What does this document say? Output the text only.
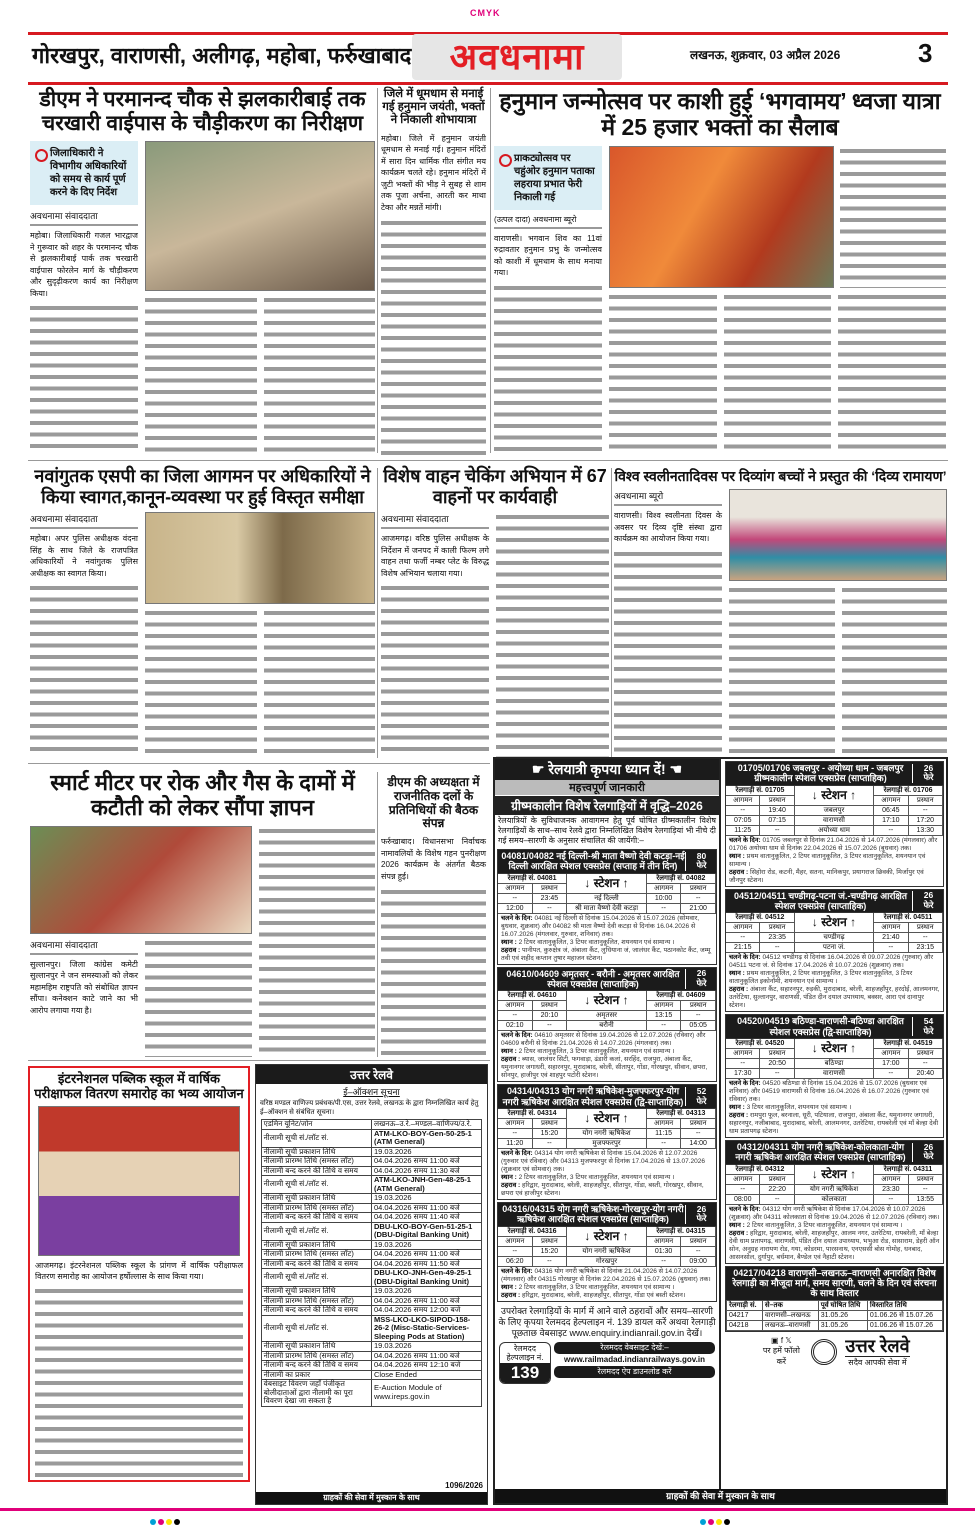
CMYK
गोरखपुर, वाराणसी, अलीगढ़, महोबा, फर्रुखाबाद	अवधनामा	लखनऊ, शुक्रवार, 03 अप्रैल 2026	3
डीएम ने परमानन्द चौक से झलकारीबाई तक चरखारी वाईपास के चौड़ीकरण का निरीक्षण
जिलाधिकारी ने विभागीय अधिकारियों को समय से कार्य पूर्ण करने के दिए निर्देश
अवधनामा संवाददाता
महोबा। जिलाधिकारी गजल भारद्वाज ने गुरूवार को शहर के परमानन्द चौक से झलकारीबाई पार्क तक चरखारी वाईपास फोरलेन मार्ग के चौड़ीकरण और सुदृढ़ीकरण कार्य का निरीक्षण किया।
जिले में धूमधाम से मनाई गई हनुमान जयंती, भक्तों ने निकाली शोभायात्रा
महोबा। जिले में हनुमान जयंती धूमधाम से मनाई गई। हनुमान मंदिरों में सारा दिन धार्मिक गीत संगीत मय कार्यक्रम चलते रहे। हनुमान मंदिरों में जुटी भक्तों की भीड़ ने सुबह से शाम तक पूजा अर्चना, आरती कर माथा टेका और मन्नतें मांगी।
हनुमान जन्मोत्सव पर काशी हुई ‘भगवामय’ ध्वजा यात्रा में 25 हजार भक्तों का सैलाब
प्राकट्योत्सव पर चहुंओर हनुमान पताका लहराया प्रभात फेरी निकाली गई
(उत्पल दादा) अवधनामा ब्यूरो
वाराणसी। भगवान शिव का 11वां रुद्रावतार हनुमान प्रभु के जन्मोत्सव को काशी में धूमधाम के साथ मनाया गया।
नवांगुतक एसपी का जिला आगमन पर अधिकारियों ने किया स्वागत,कानून-व्यवस्था पर हुई विस्तृत समीक्षा
अवधनामा संवाददाता
महोबा। अपर पुलिस अधीक्षक वंदना सिंह के साथ जिले के राजपत्रित अधिकारियों ने नवांगुतक पुलिस अधीक्षक का स्वागत किया।
विशेष वाहन चेकिंग अभियान में 67 वाहनों पर कार्यवाही
अवधनामा संवाददाता
आजमगढ़। वरिष्ठ पुलिस अधीक्षक के निर्देशन में जनपद में काली फिल्म लगे वाहन तथा फर्जी नम्बर प्लेट के विरुद्ध विशेष अभियान चलाया गया।
विश्व स्वलीनतादिवस पर दिव्यांग बच्चों ने प्रस्तुत की ‘दिव्य रामायण’
अवधनामा ब्यूरो
वाराणसी। विश्व स्वलीनता दिवस के अवसर पर दिव्य दृष्टि संस्था द्वारा कार्यक्रम का आयोजन किया गया।
स्मार्ट मीटर पर रोक और गैस के दामों में कटौती को लेकर सौंपा ज्ञापन
अवधनामा संवाददाता
सुल्तानपुर। जिला कांग्रेस कमेटी सुल्तानपुर ने जन समस्याओं को लेकर महामहिम राष्ट्रपति को संबोधित ज्ञापन सौंपा। कनेक्शन काटे जाने का भी आरोप लगाया गया है।
डीएम की अध्यक्षता में राजनीतिक दलों के प्रतिनिधियों की बैठक संपन्न
फर्रुखाबाद। विधानसभा निर्वाचक नामावलियों के विशेष गहन पुनरीक्षण 2026 कार्यक्रम के अंतर्गत बैठक संपन्न हुई।
इंटरनेशनल पब्लिक स्कूल में वार्षिक परीक्षाफल वितरण समारोह का भव्य आयोजन
आजमगढ़। इंटरनेशनल पब्लिक स्कूल के प्रांगण में वार्षिक परीक्षाफल वितरण समारोह का आयोजन हर्षोल्लास के साथ किया गया।
उत्तर रेलवे
ई–ऑक्शन सूचना
वरिष्ठ मण्डल वाणिज्य प्रबंधक/पी.एस, उत्तर रेलवे, लखनऊ के द्वारा निम्नलिखित कार्य हेतु ई–ऑक्शन से संबंधित सूचना।
एडमिन यूनिट/जोन	लखनऊ–उ.रे.–मण्डल–वाणिज्य/उ.रे.
नीलामी सूची सं./लॉट सं.	ATM-LKO-BOY-Gen-50-25-1 (ATM General)
नीलामी सूची प्रकाशन तिथि	19.03.2026
नीलामी प्रारम्भ तिथि (समस्त लॉट)	04.04.2026 समय 11:00 बजे
नीलामी बन्द करने की तिथि व समय	04.04.2026 समय 11:30 बजे
नीलामी सूची सं./लॉट सं.	ATM-LKO-JNH-Gen-48-25-1 (ATM General)
नीलामी सूची प्रकाशन तिथि	19.03.2026
नीलामी प्रारम्भ तिथि (समस्त लॉट)	04.04.2026 समय 11:00 बजे
नीलामी बन्द करने की तिथि व समय	04.04.2026 समय 11:40 बजे
नीलामी सूची सं./लॉट सं.	DBU-LKO-BOY-Gen-51-25-1 (DBU-Digital Banking Unit)
नीलामी सूची प्रकाशन तिथि	19.03.2026
नीलामी प्रारम्भ तिथि (समस्त लॉट)	04.04.2026 समय 11:00 बजे
नीलामी बन्द करने की तिथि व समय	04.04.2026 समय 11:50 बजे
नीलामी सूची सं./लॉट सं.	DBU-LKO-JNH-Gen-49-25-1 (DBU-Digital Banking Unit)
नीलामी सूची प्रकाशन तिथि	19.03.2026
नीलामी प्रारम्भ तिथि (समस्त लॉट)	04.04.2026 समय 11:00 बजे
नीलामी बन्द करने की तिथि व समय	04.04.2026 समय 12:00 बजे
नीलामी सूची सं./लॉट सं.	MSS-LKO-LKO-SIPOD-158-26-2 (Misc-Static-Services-Sleeping Pods at Station)
नीलामी सूची प्रकाशन तिथि	19.03.2026
नीलामी प्रारम्भ तिथि (समस्त लॉट)	04.04.2026 समय 11:00 बजे
नीलामी बन्द करने की तिथि व समय	04.04.2026 समय 12:10 बजे
नीलामी का प्रकार	Close Ended
वेबसाइट विवरण जहाँ पंजीकृत बोलीदाताओं द्वारा नीलामी का पूरा विवरण देखा जा सकता है	E-Auction Module of www.ireps.gov.in
1096/2026
ग्राहकों की सेवा में मुस्कान के साथ
☛ रेलयात्री कृपया ध्यान दें! ☚
महत्त्वपूर्ण जानकारी
ग्रीष्मकालीन विशेष रेलगाड़ियों में वृद्धि–2026
रेलयात्रियों के सुविधाजनक आवागमन हेतु पूर्व घोषित ग्रीष्मकालीन विशेष रेलगाड़ियों के साथ–साथ रेलवे द्वारा निम्नलिखित विशेष रेलगाड़ियां भी नीचे दी गई समय–सारणी के अनुसार संचालित की जायेंगी:–
04081/04082 नई दिल्ली-श्री माता वैष्णो देवी कटड़ा-नई दिल्ली आरक्षित स्पेशल एक्सप्रेस (सप्ताह में तीन दिन)
80
फेरे
रेलगाड़ी सं. 04081	↓ स्टेशन ↑	रेलगाड़ी सं. 04082
आगमन	प्रस्थान	आगमन	प्रस्थान
--	23:45	नई दिल्ली	10:00	--
12:00	--	श्री माता वैष्णो देवी कटड़ा	--	21:00
चलने के दिन: 04081 नई दिल्ली से दिनांक 15.04.2026 से 15.07.2026 (सोमवार, बुधवार, शुक्रवार) और 04082 श्री माता वैष्णो देवी कटड़ा से दिनांक 16.04.2026 से 16.07.2026 (मंगलवार, गुरुवार, शनिवार) तक।
स्थान : 2 टियर वातानुकूलित, 3 टियर वातानुकूलित, शयनयान एवं सामान्य ।
ठहराव : पानीपत, कुरुक्षेत्र जं, अंबाला कैंट, लुधियाना जं, जालंधर कैंट, पठानकोट कैंट, जम्मू तवी एवं शहीद कप्तान तुषार महाजन स्टेशन।
04610/04609 अमृतसर - बरौनी - अमृतसर आरक्षित स्पेशल एक्सप्रेस (साप्ताहिक)
26
फेरे
रेलगाड़ी सं. 04610	↓ स्टेशन ↑	रेलगाड़ी सं. 04609
आगमन	प्रस्थान	आगमन	प्रस्थान
--	20:10	अमृतसर	13:15	--
02:10	--	बरौनी	--	05:05
चलने के दिन: 04610 अमृतसर से दिनांक 19.04.2026 से 12.07.2026 (रविवार) और 04609 बरौनी से दिनांक 21.04.2026 से 14.07.2026 (मंगलवार) तक।
स्थान : 2 टियर वातानुकूलित, 3 टियर वातानुकूलित, शयनयान एवं सामान्य ।
ठहराव : ब्यास, जालंधर सिटी, फगवाड़ा, ढंडारी कलां, सरहिंद, राजपुरा, अंबाला कैंट, यमुनानगर जगाधरी, सहारनपुर, मुरादाबाद, बरेली, सीतापुर, गोंडा, गोरखपुर, सीवान, छपरा, सोनपुर, हाजीपुर एवं शाहपुर पटोरी स्टेशन।
04314/04313 योग नगरी ऋषिकेश-मुजफ्फरपुर-योग नगरी ऋषिकेश आरक्षित स्पेशल एक्सप्रेस (द्वि-साप्ताहिक)
52
फेरे
रेलगाड़ी सं. 04314	↓ स्टेशन ↑	रेलगाड़ी सं. 04313
आगमन	प्रस्थान	आगमन	प्रस्थान
--	15:20	योग नगरी ऋषिकेश	11:15	--
11:20	--	मुजफ्फरपुर	--	14:00
चलने के दिन: 04314 योग नगरी ऋषिकेश से दिनांक 15.04.2026 से 12.07.2026 (गुरुवार एवं रविवार) और 04313 मुजफ्फरपुर से दिनांक 17.04.2026 से 13.07.2026 (शुक्रवार एवं सोमवार) तक।
स्थान : 2 टियर वातानुकूलित, 3 टियर वातानुकूलित, शयनयान एवं सामान्य ।
ठहराव : हरिद्वार, मुरादाबाद, बरेली, शाहजहाँपुर, सीतापुर, गोंडा, बस्ती, गोरखपुर, सीवान, छपरा एवं हाजीपुर स्टेशन।
04316/04315 योग नगरी ऋषिकेश-गोरखपुर-योग नगरी ऋषिकेश आरक्षित स्पेशल एक्सप्रेस (साप्ताहिक)
26
फेरे
रेलगाड़ी सं. 04316	↓ स्टेशन ↑	रेलगाड़ी सं. 04315
आगमन	प्रस्थान	आगमन	प्रस्थान
--	15:20	योग नगरी ऋषिकेश	01:30	--
06:20	--	गोरखपुर	--	09:00
चलने के दिन: 04316 योग नगरी ऋषिकेश से दिनांक 21.04.2026 से 14.07.2026 (मंगलवार) और 04315 गोरखपुर से दिनांक 22.04.2026 से 15.07.2026 (बुधवार) तक।
स्थान : 2 टियर वातानुकूलित, 3 टियर वातानुकूलित, शयनयान एवं सामान्य ।
ठहराव : हरिद्वार, मुरादाबाद, बरेली, शाहजहाँपुर, सीतापुर, गोंडा एवं बस्ती स्टेशन।
उपरोक्त रेलगाड़ियों के मार्ग में आने वाले ठहरावों और समय–सारणी के लिए कृपया रेलमदद हेल्पलाइन नं. 139 डायल करें अथवा रेलगाड़ी पूछताछ वेबसाइट www.enquiry.indianrail.gov.in देखें।
रेलमदद हेल्पलाइन नं.
139
रेलमदद वेबसाइट देखें:–
www.railmadad.indianrailways.gov.in
रेलमदद ऐप डाउनलोड करें
01705/01706 जबलपुर - अयोध्या धाम - जबलपुर ग्रीष्मकालीन स्पेशल एक्सप्रेस (साप्ताहिक)
26
फेरे
रेलगाड़ी सं. 01705	↓ स्टेशन ↑	रेलगाड़ी सं. 01706
आगमन	प्रस्थान	आगमन	प्रस्थान
--	19:40	जबलपुर	06:45	--
07:05	07:15	वाराणसी	17:10	17:20
11:25	--	अयोध्या धाम	--	13:30
चलने के दिन: 01705 जबलपुर से दिनांक 21.04.2026 से 14.07.2026 (मंगलवार) और 01706 अयोध्या धाम से दिनांक 22.04.2026 से 15.07.2026 (बुधवार) तक।
स्थान : प्रथम वातानुकूलित, 2 टियर वातानुकूलित, 3 टियर वातानुकूलित, शयनयान एवं सामान्य ।
ठहराव : सिहोरा रोड, कटनी, मैहर, सतना, मानिकपुर, प्रयागराज छिवकी, मिर्जापुर एवं जौनपुर स्टेशन।
04512/04511 चण्डीगढ़-पटना जं.-चण्डीगढ़ आरक्षित स्पेशल एक्सप्रेस (साप्ताहिक)
26
फेरे
रेलगाड़ी सं. 04512	↓ स्टेशन ↑	रेलगाड़ी सं. 04511
आगमन	प्रस्थान	आगमन	प्रस्थान
--	23:35	चण्डीगढ़	21:40	--
21:15	--	पटना जं.	--	23:15
चलने के दिन: 04512 चण्डीगढ़ से दिनांक 16.04.2026 से 09.07.2026 (गुरुवार) और 04511 पटना जं. से दिनांक 17.04.2026 से 10.07.2026 (शुक्रवार) तक।
स्थान : प्रथम वातानुकूलित, 2 टियर वातानुकूलित, 3 टियर वातानुकूलित, 3 टियर वातानुकूलित इकोनॉमी, शयनयान एवं सामान्य ।
ठहराव : अंबाला कैंट, सहारनपुर, रुड़की, मुरादाबाद, बरेली, शाहजहाँपुर, हरदोई, आलमनगर, उतरेटिया, सुल्तानपुर, वाराणसी, पंडित दीन दयाल उपाध्याय, बक्सर, आरा एवं दानापुर स्टेशन।
04520/04519 बठिण्डा-वाराणसी-बठिण्डा आरक्षित स्पेशल एक्सप्रेस (द्वि-साप्ताहिक)
54
फेरे
रेलगाड़ी सं. 04520	↓ स्टेशन ↑	रेलगाड़ी सं. 04519
आगमन	प्रस्थान	आगमन	प्रस्थान
--	20:50	बठिण्डा	17:00	--
17:30	--	वाराणसी	--	20:40
चलने के दिन: 04520 बठिण्डा से दिनांक 15.04.2026 से 15.07.2026 (बुधवार एवं शनिवार) और 04519 वाराणसी से दिनांक 16.04.2026 से 16.07.2026 (गुरुवार एवं रविवार) तक।
स्थान : 3 टियर वातानुकूलित, शयनयान एवं सामान्य ।
ठहराव : रामपुरा फूल, बरनाला, धूरी, पटियाला, राजपुरा, अंबाला कैंट, यमुनानगर जगाधरी, सहारनपुर, नजीबाबाद, मुरादाबाद, बरेली, आलमनगर, उतरेटिया, रायबरेली एवं माँ बेल्हा देवी धाम प्रतापगढ़ स्टेशन।
04312/04311 योग नगरी ऋषिकेश-कोलकाता-योग नगरी ऋषिकेश आरक्षित स्पेशल एक्सप्रेस (साप्ताहिक)
26
फेरे
रेलगाड़ी सं. 04312	↓ स्टेशन ↑	रेलगाड़ी सं. 04311
आगमन	प्रस्थान	आगमन	प्रस्थान
--	22:20	योग नगरी ऋषिकेश	23:30	--
08:00	--	कोलकाता	--	13:55
चलने के दिन: 04312 योग नगरी ऋषिकेश से दिनांक 17.04.2026 से 10.07.2026 (शुक्रवार) और 04311 कोलकाता से दिनांक 19.04.2026 से 12.07.2026 (रविवार) तक।
स्थान : 2 टियर वातानुकूलित, 3 टियर वातानुकूलित, शयनयान एवं सामान्य ।
ठहराव : हरिद्वार, मुरादाबाद, बरेली, शाहजहाँपुर, आलम नगर, उतरेटिया, रायबरेली, माँ बेल्हा देवी धाम प्रतापगढ़, वाराणसी, पंडित दीन दयाल उपाध्याय, भभुआ रोड, सासाराम, डेहरी ऑन सोन, अनुग्रह नारायण रोड, गया, कोडरमा, पारसनाथ, एनएससी बोस गोमोह, धनबाद, आसनसोल, दुर्गापुर, बर्धमान, बैण्डेल एवं नैहाटी स्टेशन।
04217/04218 वाराणसी–लखनऊ–वाराणसी अनारक्षित विशेष रेलगाड़ी का मौजूदा मार्ग, समय सारणी, चलने के दिन एवं संरचना के साथ विस्तार
रेलगाड़ी सं.	से–तक	पूर्व घोषित तिथि	विस्तारित तिथि
04217	वाराणसी–लखनऊ	31.05.26	01.06.26 से 15.07.26
04218	लखनऊ–वाराणसी	31.05.26	01.06.26 से 15.07.26
▣ f 𝕏
पर हमें फॉलो करें
उत्तर रेलवे
सदैव आपकी सेवा में
ग्राहकों की सेवा में मुस्कान के साथ
